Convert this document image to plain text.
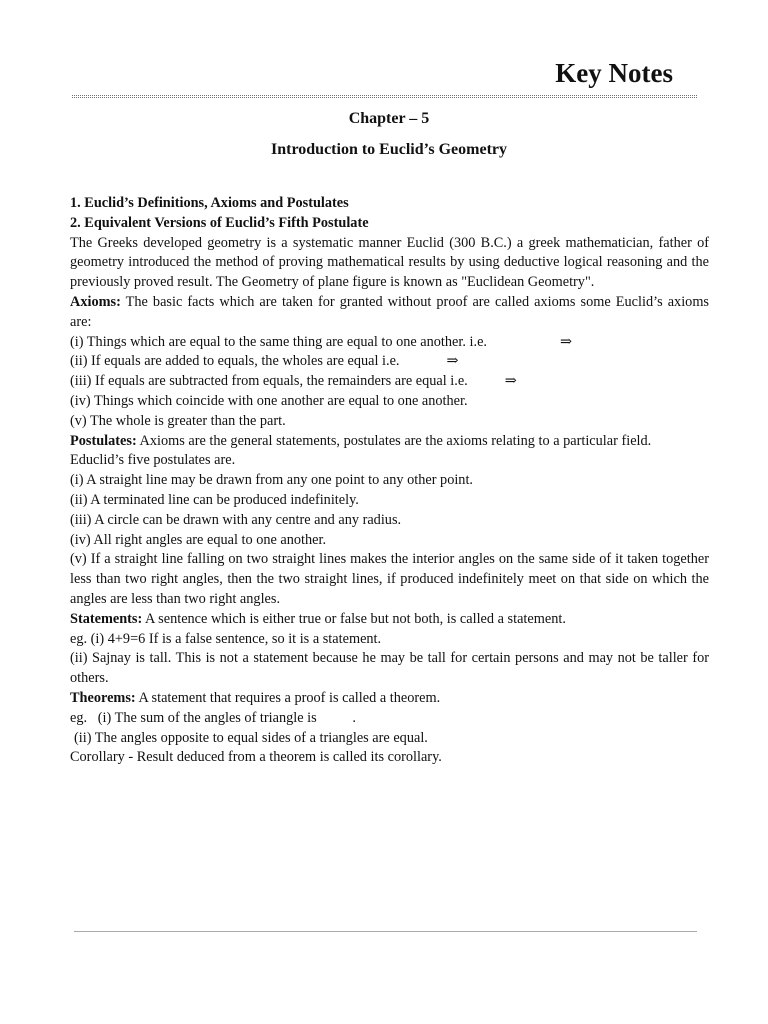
Key Notes
Chapter – 5
Introduction to Euclid’s Geometry
1. Euclid’s Definitions, Axioms and Postulates
2. Equivalent Versions of Euclid’s Fifth Postulate
The Greeks developed geometry is a systematic manner Euclid (300 B.C.) a greek mathematician, father of geometry introduced the method of proving mathematical results by using deductive logical reasoning and the previously proved result. The Geometry of plane figure is known as "Euclidean Geometry".
Axioms: The basic facts which are taken for granted without proof are called axioms some Euclid’s axioms are:
(i) Things which are equal to the same thing are equal to one another. i.e.	⇒
(ii) If equals are added to equals, the wholes are equal i.e.	⇒
(iii) If equals are subtracted from equals, the remainders are equal i.e.	⇒
(iv) Things which coincide with one another are equal to one another.
(v) The whole is greater than the part.
Postulates: Axioms are the general statements, postulates are the axioms relating to a particular field.
Educlid’s five postulates are.
(i) A straight line may be drawn from any one point to any other point.
(ii) A terminated line can be produced indefinitely.
(iii) A circle can be drawn with any centre and any radius.
(iv) All right angles are equal to one another.
(v) If a straight line falling on two straight lines makes the interior angles on the same side of it taken together less than two right angles, then the two straight lines, if produced indefinitely meet on that side on which the angles are less than two right angles.
Statements: A sentence which is either true or false but not both, is called a statement.
eg. (i) 4+9=6 If is a false sentence, so it is a statement.
(ii) Sajnay is tall. This is not a statement because he may be tall for certain persons and may not be taller for others.
Theorems: A statement that requires a proof is called a theorem.
eg.   (i) The sum of the angles of triangle is          .
(ii) The angles opposite to equal sides of a triangles are equal.
Corollary - Result deduced from a theorem is called its corollary.
